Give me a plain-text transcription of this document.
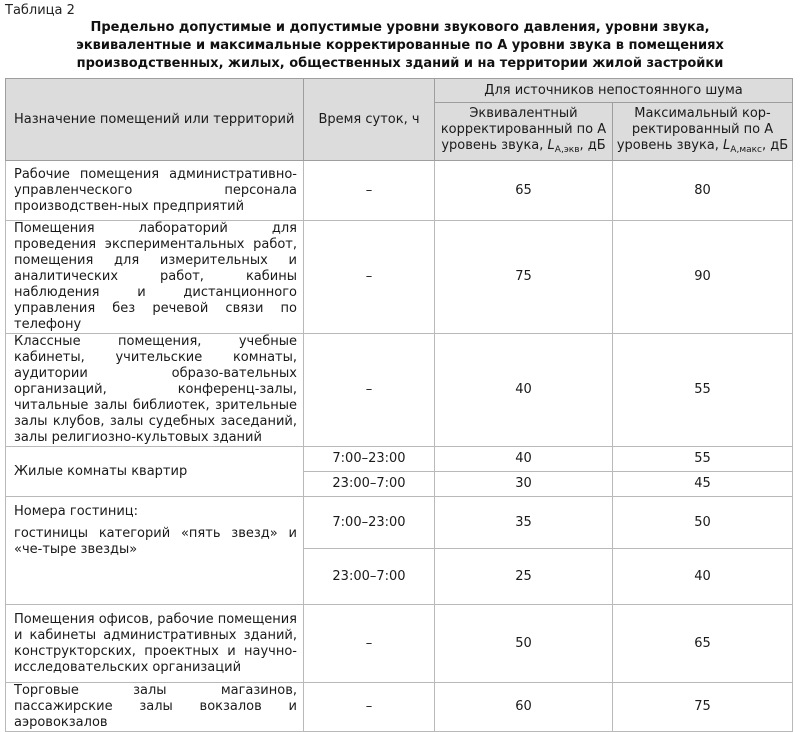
Таблица 2
Предельно допустимые и допустимые уровни звукового давления, уровни звука,
эквивалентные и максимальные корректированные по А уровни звука в помещениях
производственных, жилых, общественных зданий и на территории жилой застройки
Назначение помещений или территорий	Время суток, ч	Для источников непостоянного шума	
		Эквивалентный корректированный по А уровень звука, $L_{А,экв}$, дБ	Максимальный кор-ректированный по А уровень звука, $L_{А,макс}$, дБ
Рабочие помещения административно-управленческого персонала производствен-ных предприятий	–	65	80
Помещения лабораторий для проведения экспериментальных работ, помещения для измерительных и аналитических работ, кабины наблюдения и дистанционного управления без речевой связи по телефону	–	75	90
Классные помещения, учебные кабинеты, учительские комнаты, аудитории образо-вательных организаций, конференц-залы, читальные залы библиотек, зрительные залы клубов, залы судебных заседаний, залы религиозно-культовых зданий	–	40	55
Жилые комнаты квартир	7:00–23:00	40	55
	23:00–7:00	30	45

Номера гостиниц:
гостиницы категорий «пять звезд» и «че-тыре звезды»	7:00–23:00	35	50
	23:00–7:00	25	40
Помещения офисов, рабочие помещения и кабинеты административных зданий, конструкторских, проектных и научно-исследовательских организаций	–	50	65
Торговые залы магазинов, пассажирские залы вокзалов и аэровокзалов	–	60	75
